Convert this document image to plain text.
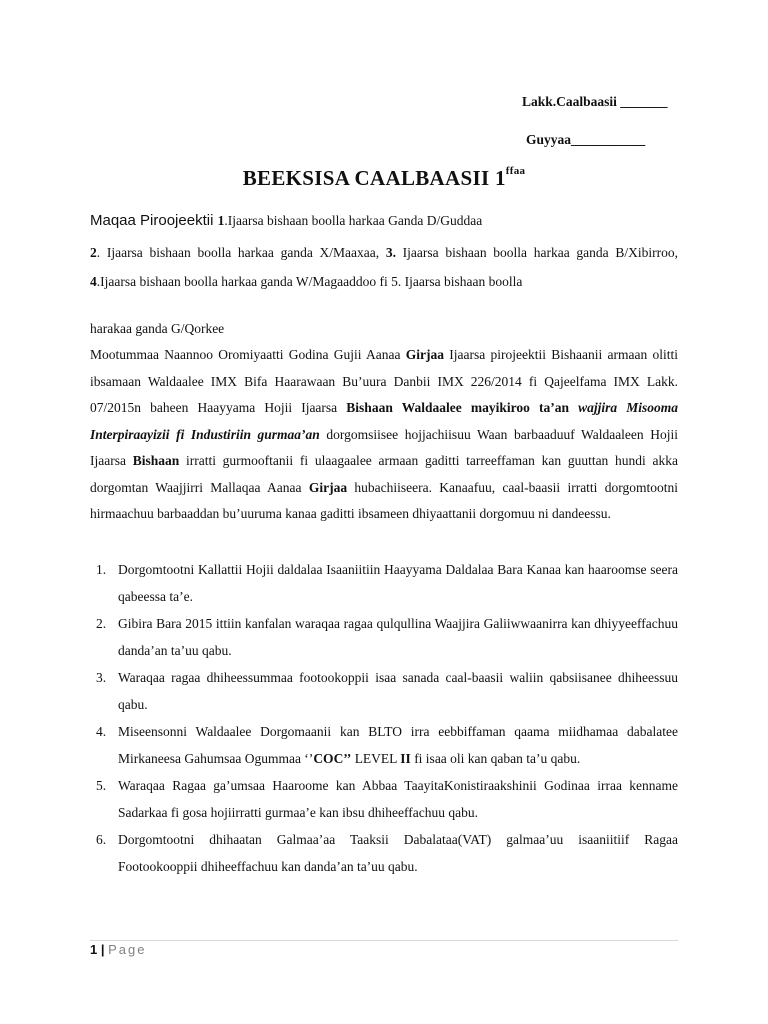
Lakk.Caalbaasii _______
Guyyaa___________
BEEKSISA CAALBAASII $1^{ffaa}$
Maqaa Piroojeektii 1.Ijaarsa bishaan boolla harkaa Ganda D/Guddaa
2. Ijaarsa bishaan boolla harkaa ganda X/Maaxaa, 3. Ijaarsa bishaan boolla harkaa ganda B/Xibirroo, 4.Ijaarsa bishaan boolla harkaa ganda W/Magaaddoo fi 5. Ijaarsa bishaan boolla
harakaa ganda G/Qorkee
Mootummaa Naannoo Oromiyaatti Godina Gujii Aanaa Girjaa Ijaarsa pirojeektii Bishaanii armaan olitti ibsamaan Waldaalee IMX Bifa Haarawaan Bu’uura Danbii IMX 226/2014 fi Qajeelfama IMX Lakk. 07/2015n baheen Haayyama Hojii Ijaarsa Bishaan Waldaalee mayikiroo ta’an wajjira Misooma Interpiraayizii fi Industiriin gurmaa’an dorgomsiisee hojjachiisuu Waan barbaaduuf Waldaaleen Hojii Ijaarsa Bishaan irratti gurmooftanii fi ulaagaalee armaan gaditti tarreeffaman kan guuttan hundi akka dorgomtan Waajjirri Mallaqaa Aanaa Girjaa hubachiiseera. Kanaafuu, caal-baasii irratti dorgomtootni hirmaachuu barbaaddan bu’uuruma kanaa gaditti ibsameen dhiyaattanii dorgomuu ni dandeessu.
1. Dorgomtootni Kallattii Hojii daldalaa Isaaniitiin Haayyama Daldalaa Bara Kanaa kan haaroomse seera qabeessa ta’e.
2. Gibira Bara 2015 ittiin kanfalan waraqaa ragaa qulqullina Waajjira Galiiwwaanirra kan dhiyyeeffachuu danda’an ta’uu qabu.
3. Waraqaa ragaa dhiheessummaa footookoppii isaa sanada caal-baasii waliin qabsiisanee dhiheessuu qabu.
4. Miseensonni Waldaalee Dorgomaanii kan BLTO irra eebbiffaman qaama miidhamaa dabalatee Mirkaneesa Gahumsaa Ogummaa ‘’COC’’ LEVEL II fi isaa oli kan qaban ta’u qabu.
5. Waraqaa Ragaa ga’umsaa Haaroome kan Abbaa TaayitaKonistiraakshinii Godinaa irraa kenname Sadarkaa fi gosa hojiirratti gurmaa’e kan ibsu dhiheeffachuu qabu.
6. Dorgomtootni dhihaatan Galmaa’aa Taaksii Dabalataa(VAT) galmaa’uu isaaniitiif Ragaa Footookooppii dhiheeffachuu kan danda’an ta’uu qabu.
1 | Page
